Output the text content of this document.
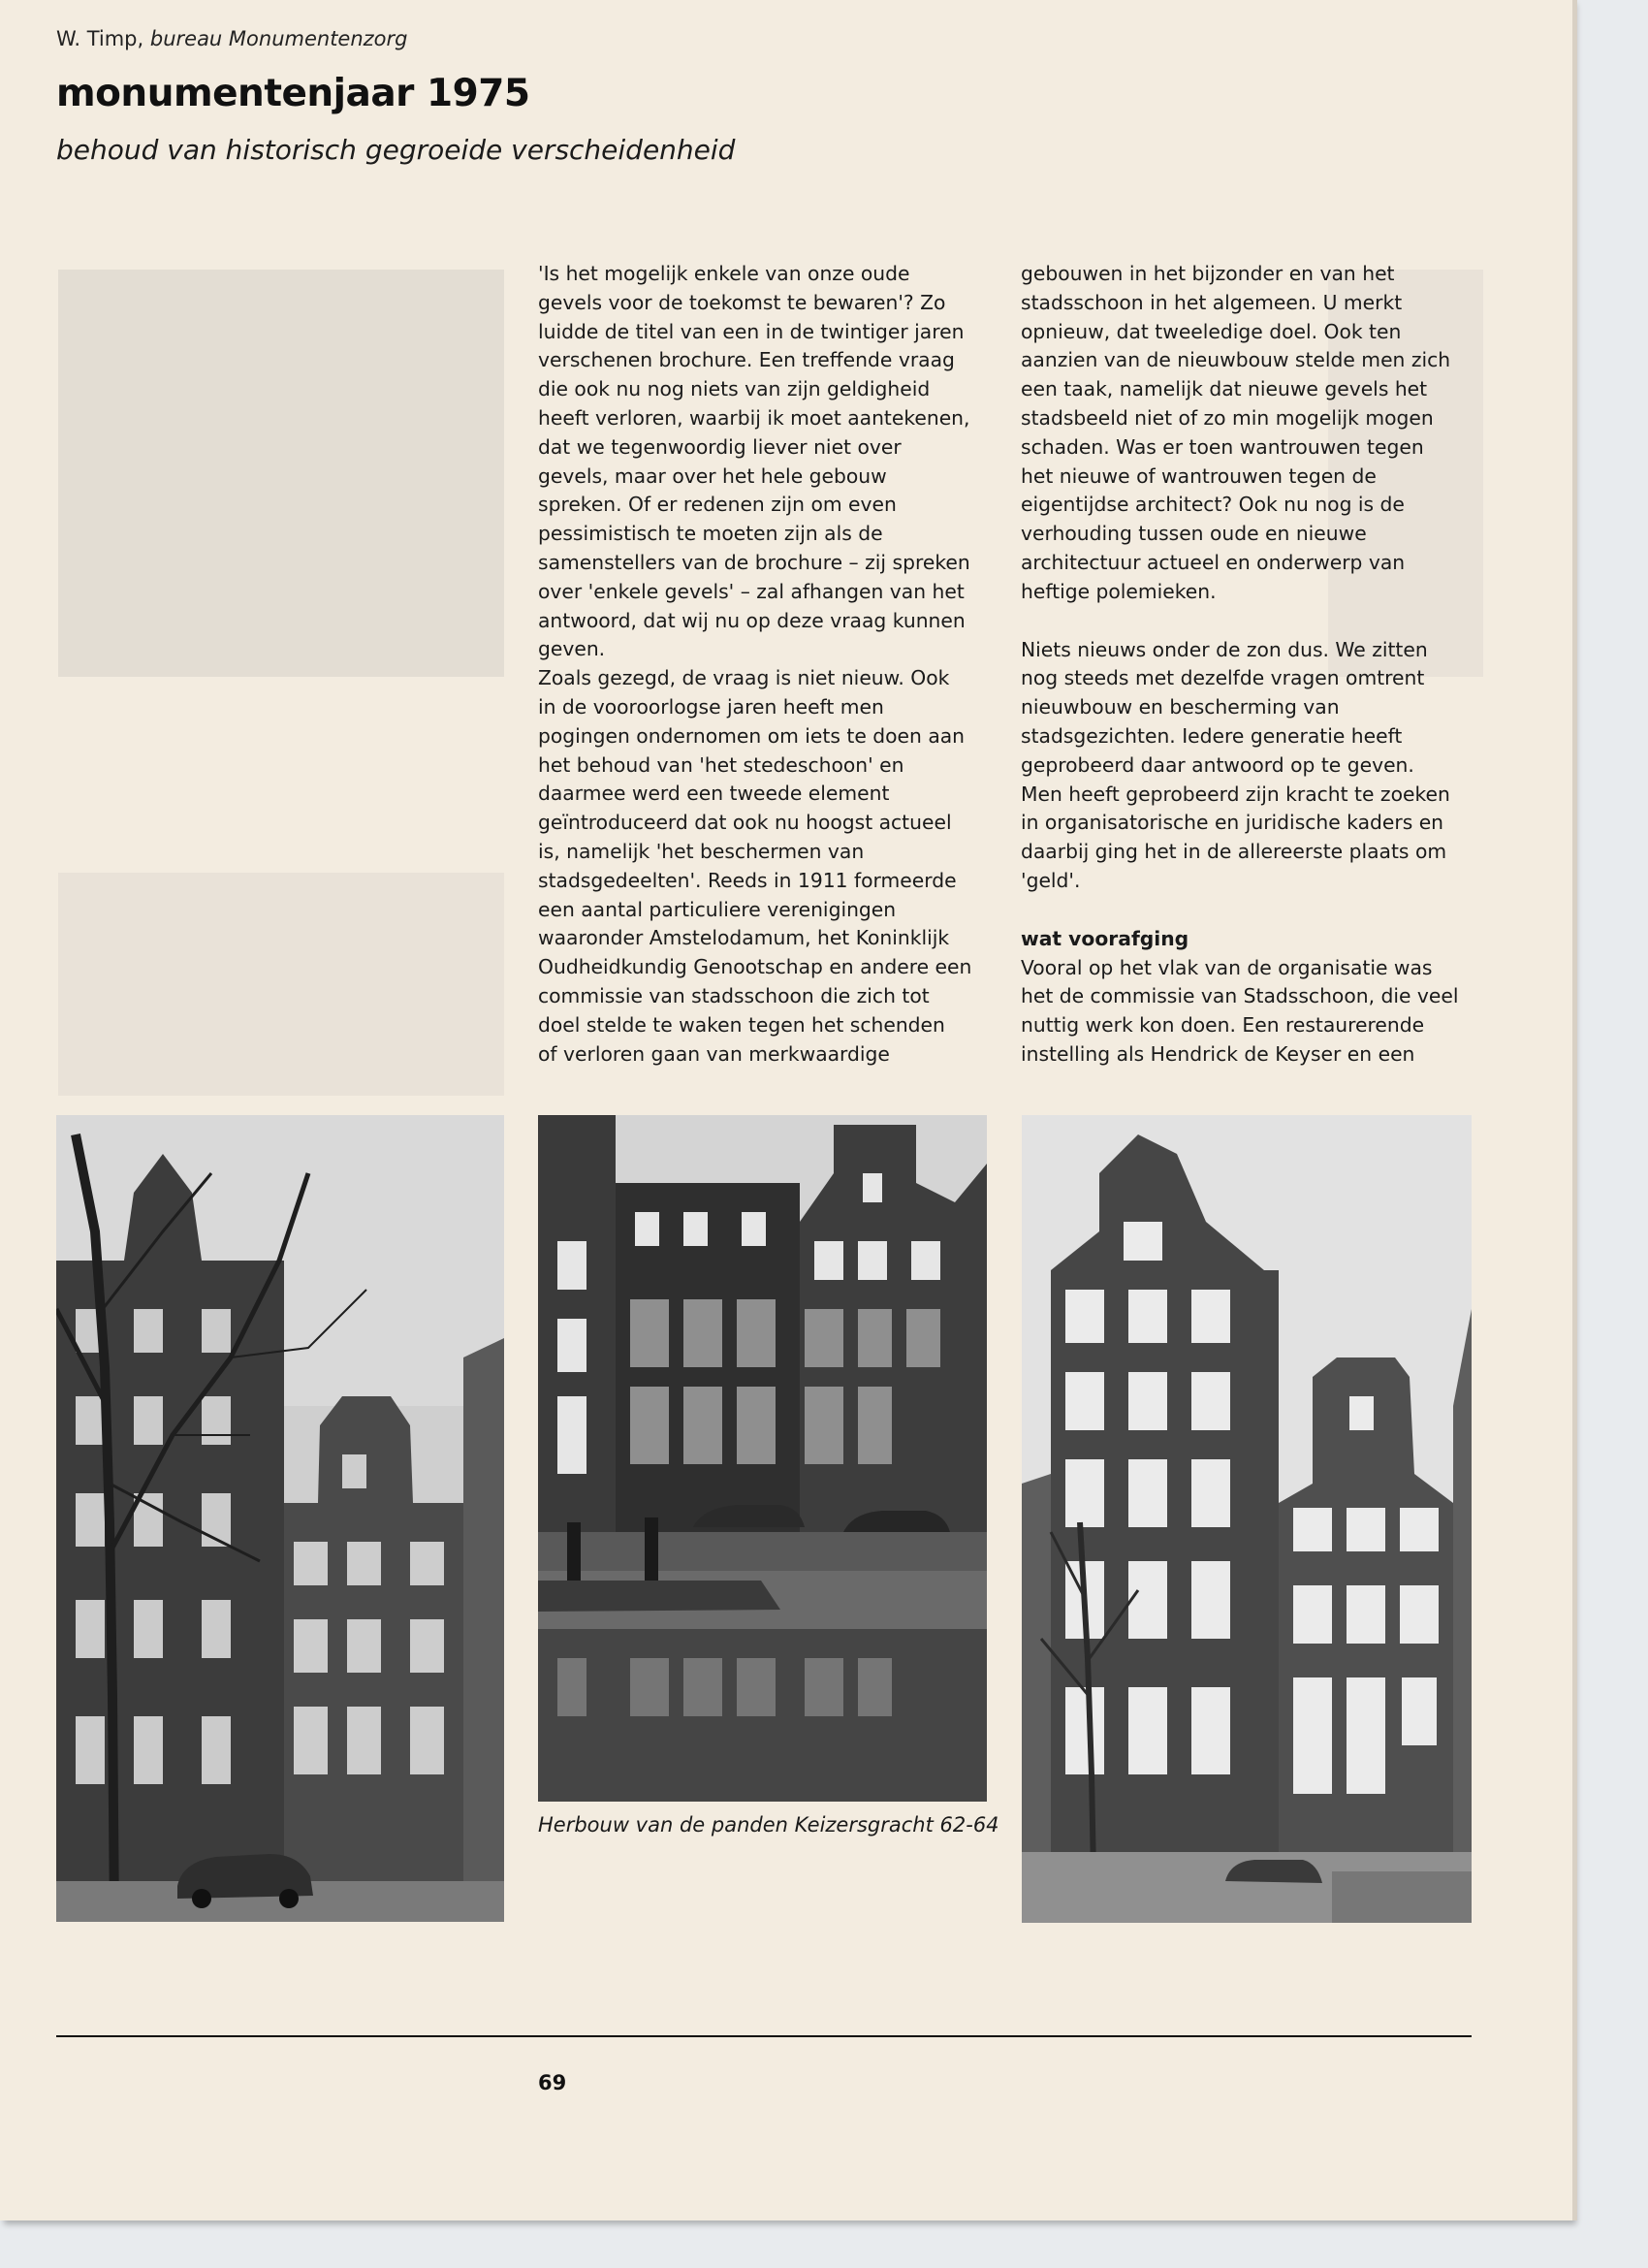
W. Timp, bureau Monumentenzorg
monumentenjaar 1975
behoud van historisch gegroeide verscheidenheid

'Is het mogelijk enkele van onze oude
gevels voor de toekomst te bewaren'? Zo
luidde de titel van een in de twintiger jaren
verschenen brochure. Een treffende vraag
die ook nu nog niets van zijn geldigheid
heeft verloren, waarbij ik moet aantekenen,
dat we tegenwoordig liever niet over
gevels, maar over het hele gebouw
spreken. Of er redenen zijn om even
pessimistisch te moeten zijn als de
samenstellers van de brochure – zij spreken
over 'enkele gevels' – zal afhangen van het
antwoord, dat wij nu op deze vraag kunnen
geven.
Zoals gezegd, de vraag is niet nieuw. Ook
in de vooroorlogse jaren heeft men
pogingen ondernomen om iets te doen aan
het behoud van 'het stedeschoon' en
daarmee werd een tweede element
geïntroduceerd dat ook nu hoogst actueel
is, namelijk 'het beschermen van
stadsgedeelten'. Reeds in 1911 formeerde
een aantal particuliere verenigingen
waaronder Amstelodamum, het Koninklijk
Oudheidkundig Genootschap en andere een
commissie van stadsschoon die zich tot
doel stelde te waken tegen het schenden
of verloren gaan van merkwaardige

gebouwen in het bijzonder en van het
stadsschoon in het algemeen. U merkt
opnieuw, dat tweeledige doel. Ook ten
aanzien van de nieuwbouw stelde men zich
een taak, namelijk dat nieuwe gevels het
stadsbeeld niet of zo min mogelijk mogen
schaden. Was er toen wantrouwen tegen
het nieuwe of wantrouwen tegen de
eigentijdse architect? Ook nu nog is de
verhouding tussen oude en nieuwe
architectuur actueel en onderwerp van
heftige polemieken.

Niets nieuws onder de zon dus. We zitten
nog steeds met dezelfde vragen omtrent
nieuwbouw en bescherming van
stadsgezichten. Iedere generatie heeft
geprobeerd daar antwoord op te geven.
Men heeft geprobeerd zijn kracht te zoeken
in organisatorische en juridische kaders en
daarbij ging het in de allereerste plaats om
'geld'.

wat voorafging

Vooral op het vlak van de organisatie was
het de commissie van Stadsschoon, die veel
nuttig werk kon doen. Een restaurerende
instelling als Hendrick de Keyser en een

Herbouw van de panden Keizersgracht 62-64
69
